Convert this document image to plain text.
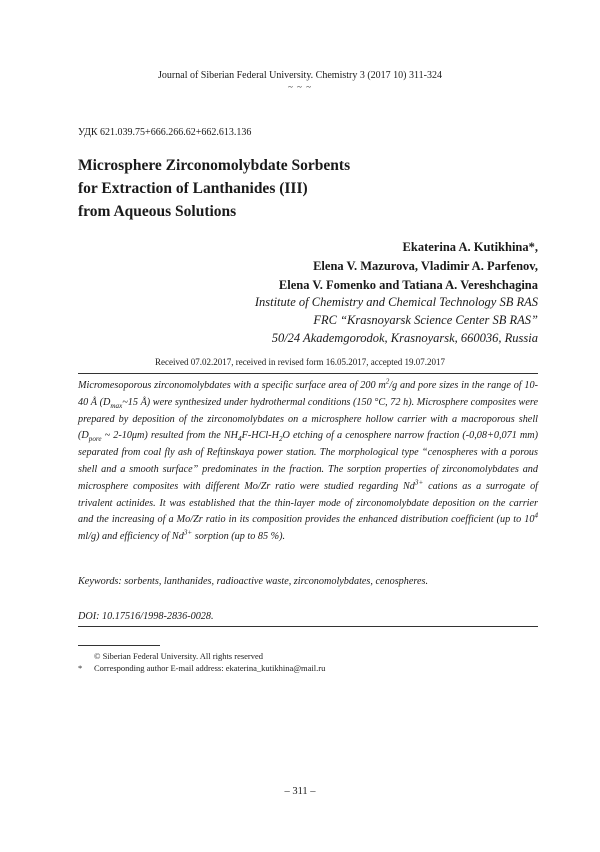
Journal of Siberian Federal University. Chemistry 3 (2017 10) 311-324
~ ~ ~
УДК 621.039.75+666.266.62+662.613.136
Microsphere Zirconomolybdate Sorbents
for Extraction of Lanthanides (III)
from Aqueous Solutions
Ekaterina A. Kutikhina*,
Elena V. Mazurova, Vladimir A. Parfenov,
Elena V. Fomenko and Tatiana A. Vereshchagina
Institute of Chemistry and Chemical Technology SB RAS
FRC “Krasnoyarsk Science Center SB RAS”
50/24 Akademgorodok, Krasnoyarsk, 660036, Russia
Received 07.02.2017, received in revised form 16.05.2017, accepted 19.07.2017

Micromesoporous zirconomolybdates with a specific surface area of 200 $m^2/g$ and pore sizes in the range of 10-40 Å ($D_{max}\sim 15$ Å) were synthesized under hydrothermal conditions (150 °C, 72 h). Microsphere composites were prepared by deposition of the zirconomolybdates on a microsphere hollow carrier with a macroporous shell ($D_{pore}$ ~ 2-10μm) resulted from the $NH_4F-HCl-H_2O$ etching of a cenosphere narrow fraction (-0,08+0,071 mm) separated from coal fly ash of Reftinskaya power station. The morphological type “cenospheres with a porous shell and a smooth surface” predominates in the fraction. The sorption properties of zirconomolybdates and microsphere composites with different Mo/Zr ratio were studied regarding $Nd^{3+}$ cations as a surrogate of trivalent actinides. It was established that the thin-layer mode of zirconomolybdate deposition on the carrier and the increasing of a Mo/Zr ratio in its composition provides the enhanced distribution coefficient (up to $10^4$ ml/g) and efficiency of $Nd^{3+}$ sorption (up to 85 %).

Keywords: sorbents, lanthanides, radioactive waste, zirconomolybdates, cenospheres.
DOI: 10.17516/1998-2836-0028.
© Siberian Federal University. All rights reserved
* Corresponding author E-mail address: ekaterina_kutikhina@mail.ru
– 311 –
